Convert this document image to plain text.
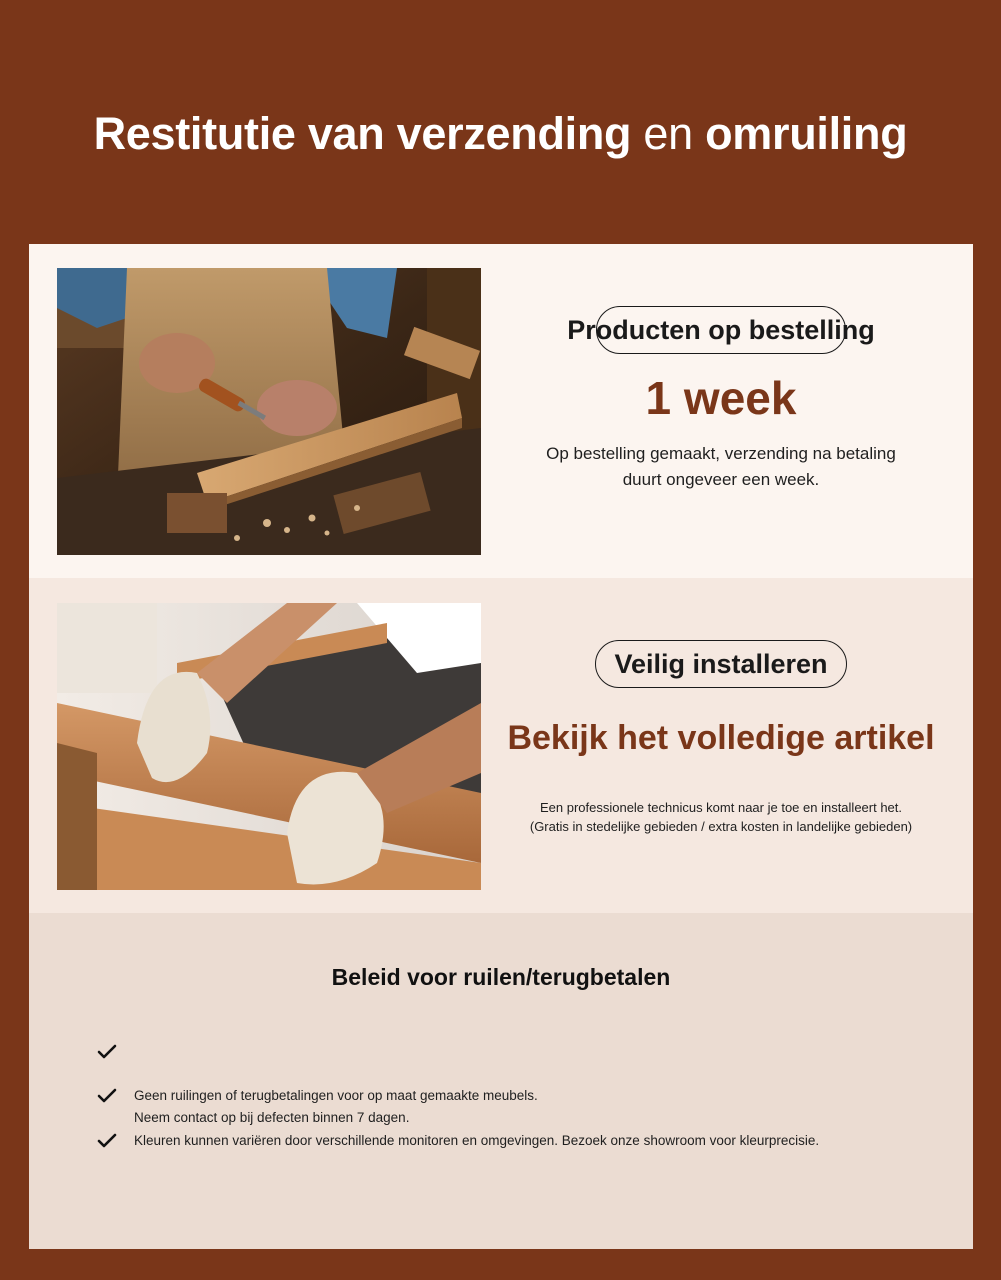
Restitutie van verzending en omruiling
Producten op bestelling
1 week

Op bestelling gemaakt, verzending na betaling
duurt ongeveer een week.

Veilig installeren
Bekijk het volledige artikel

Een professionele technicus komt naar je toe en installeert het.
(Gratis in stedelijke gebieden / extra kosten in landelijke gebieden)

Beleid voor ruilen/terugbetalen
Geen ruilingen of terugbetalingen voor op maat gemaakte meubels.
Neem contact op bij defecten binnen 7 dagen.
Kleuren kunnen variëren door verschillende monitoren en omgevingen. Bezoek onze showroom voor kleurprecisie.
